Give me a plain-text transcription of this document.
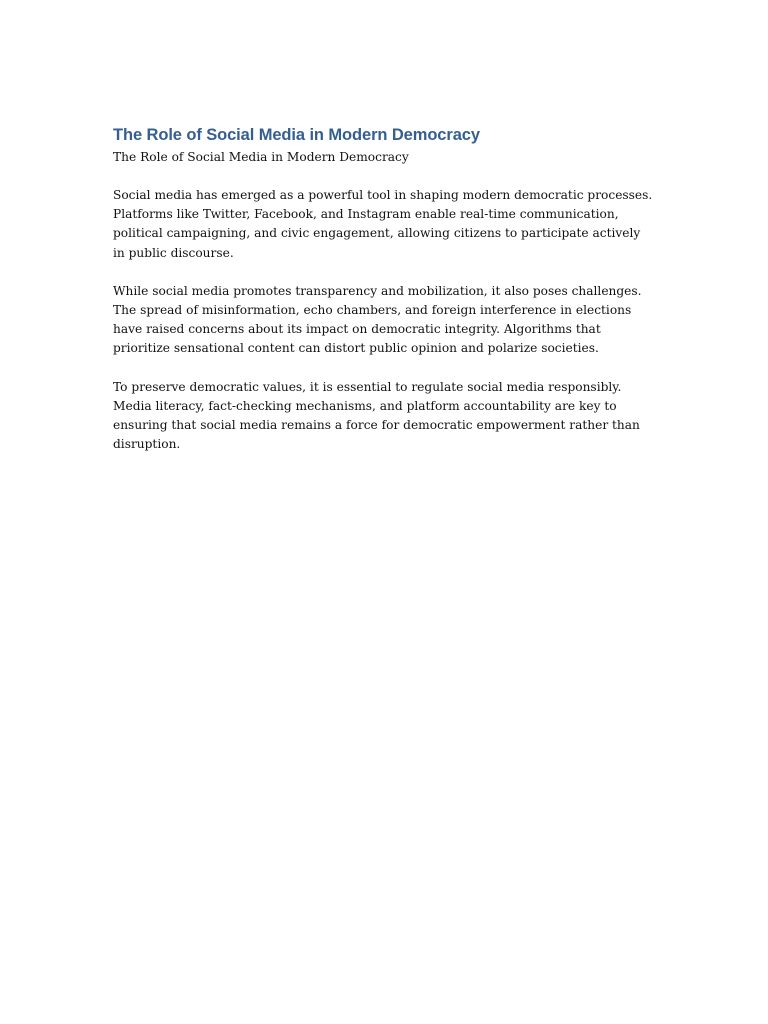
The Role of Social Media in Modern Democracy

The Role of Social Media in Modern Democracy

Social media has emerged as a powerful tool in shaping modern democratic processes. Platforms like Twitter, Facebook, and Instagram enable real-time communication, political campaigning, and civic engagement, allowing citizens to participate actively in public discourse.

While social media promotes transparency and mobilization, it also poses challenges. The spread of misinformation, echo chambers, and foreign interference in elections have raised concerns about its impact on democratic integrity. Algorithms that prioritize sensational content can distort public opinion and polarize societies.

To preserve democratic values, it is essential to regulate social media responsibly. Media literacy, fact-checking mechanisms, and platform accountability are key to ensuring that social media remains a force for democratic empowerment rather than disruption.
